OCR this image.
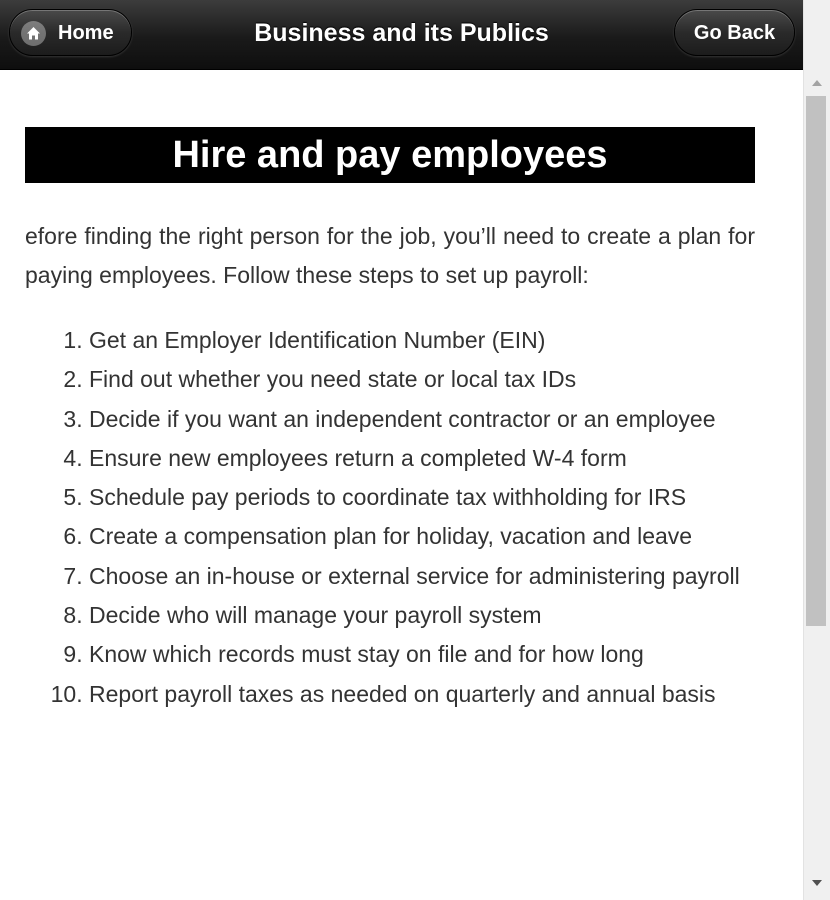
Home	Business and its Publics	Go Back
Hire and pay employees

efore finding the right person for the job, you’ll need to create a plan for paying employees. Follow these steps to set up payroll:

1. Get an Employer Identification Number (EIN)
2. Find out whether you need state or local tax IDs
3. Decide if you want an independent contractor or an employee
4. Ensure new employees return a completed W-4 form
5. Schedule pay periods to coordinate tax withholding for IRS
6. Create a compensation plan for holiday, vacation and leave
7. Choose an in-house or external service for administering payroll
8. Decide who will manage your payroll system
9. Know which records must stay on file and for how long
10. Report payroll taxes as needed on quarterly and annual basis
